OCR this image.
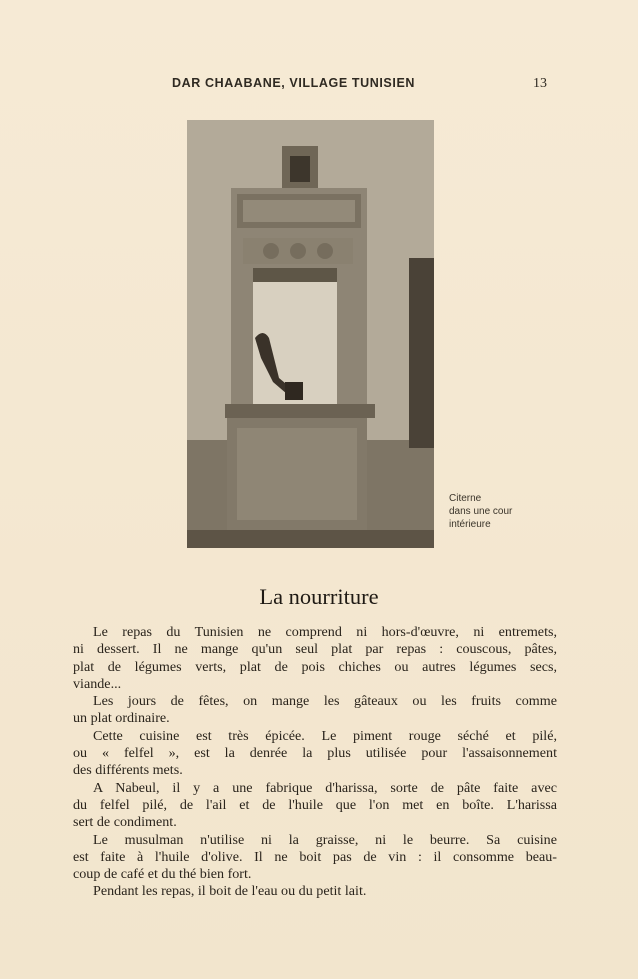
DAR CHAABANE, VILLAGE TUNISIEN	13
Citerne
dans une cour
intérieure
La nourriture
Le repas du Tunisien ne comprend ni hors-d'œuvre, ni entremets,
ni dessert. Il ne mange qu'un seul plat par repas : couscous, pâtes,
plat de légumes verts, plat de pois chiches ou autres légumes secs,
viande...
Les jours de fêtes, on mange les gâteaux ou les fruits comme
un plat ordinaire.
Cette cuisine est très épicée. Le piment rouge séché et pilé,
ou « felfel », est la denrée la plus utilisée pour l'assaisonnement
des différents mets.
A Nabeul, il y a une fabrique d'harissa, sorte de pâte faite avec
du felfel pilé, de l'ail et de l'huile que l'on met en boîte. L'harissa
sert de condiment.
Le musulman n'utilise ni la graisse, ni le beurre. Sa cuisine
est faite à l'huile d'olive. Il ne boit pas de vin : il consomme beau-
coup de café et du thé bien fort.
Pendant les repas, il boit de l'eau ou du petit lait.
